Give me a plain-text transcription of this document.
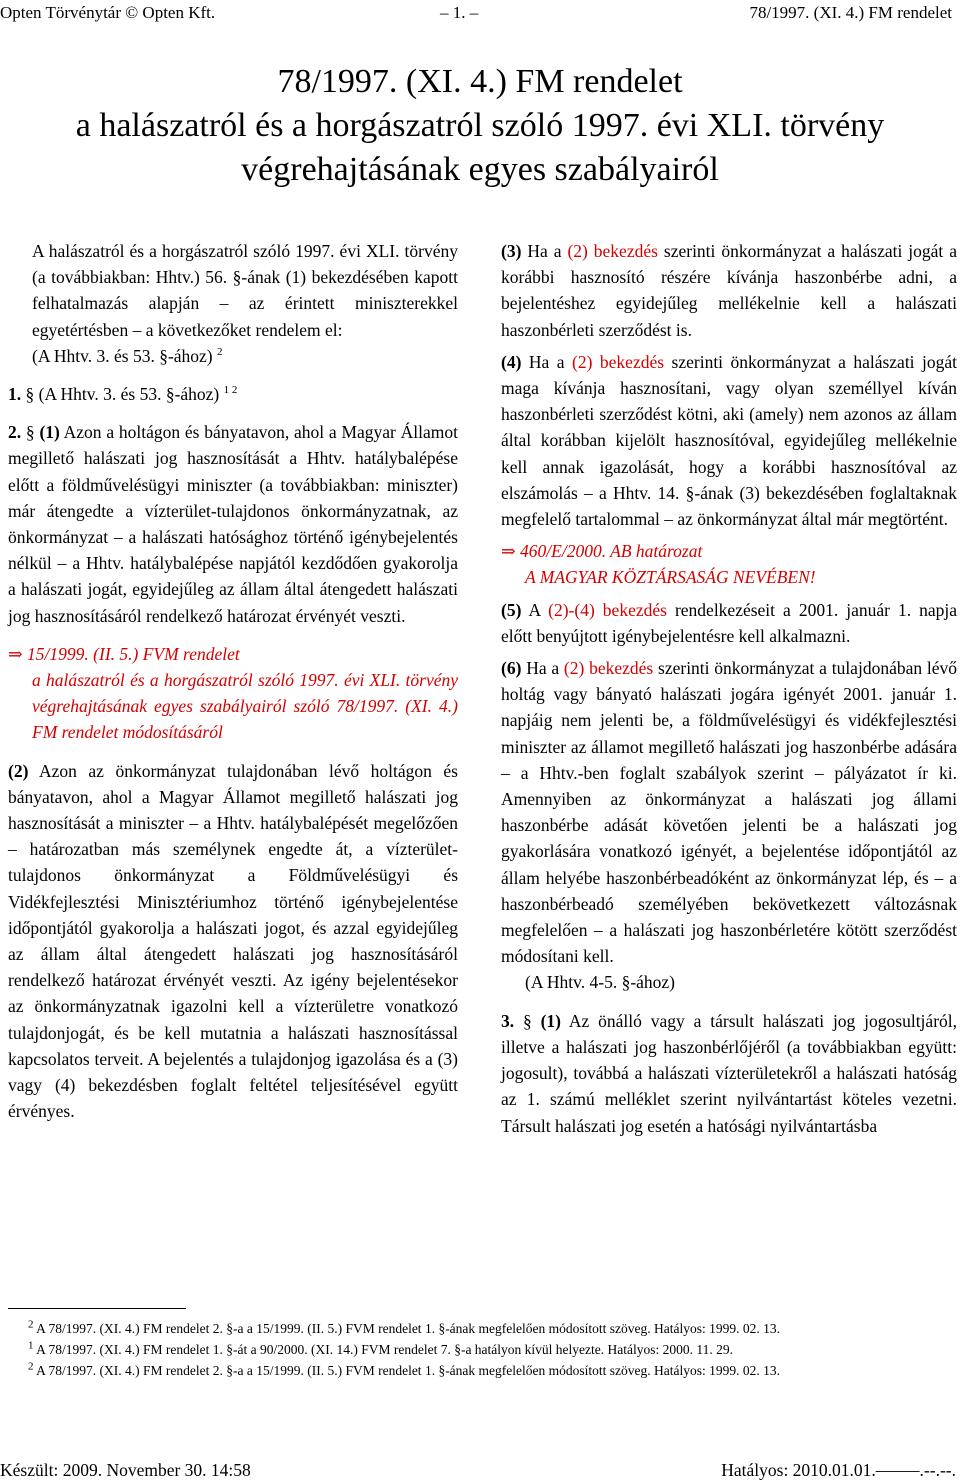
Opten Törvénytár © Opten Kft.	– 1. –	78/1997. (XI. 4.) FM rendelet
78/1997. (XI. 4.) FM rendelet
a halászatról és a horgászatról szóló 1997. évi XLI. törvény
végrehajtásának egyes szabályairól

A halászatról és a horgászatról szóló 1997. évi XLI. törvény (a továbbiakban: Hhtv.) 56. §-ának (1) bekezdésében kapott felhatalmazás alapján – az érintett miniszterekkel egyetértésben – a következőket rendelem el:

(A Hhtv. 3. és 53. §-ához) $^2$

1. § (A Hhtv. 3. és 53. §-ához) $^{1 2}$

2. § (1) Azon a holtágon és bányatavon, ahol a Magyar Államot megillető halászati jog hasznosítását a Hhtv. hatálybalépése előtt a földművelésügyi miniszter (a továbbiakban: miniszter) már átengedte a vízterület-tulajdonos önkormányzatnak, az önkormányzat – a halászati hatósághoz történő igénybejelentés nélkül – a Hhtv. hatálybalépése napjától kezdődően gyakorolja a halászati jogát, egyidejűleg az állam által átengedett halászati jog hasznosításáról rendelkező határozat érvényét veszti.

⇒ 15/1999. (II. 5.) FVM rendelet

a halászatról és a horgászatról szóló 1997. évi XLI. törvény végrehajtásának egyes szabályairól szóló 78/1997. (XI. 4.) FM rendelet módosításáról

(2) Azon az önkormányzat tulajdonában lévő holtágon és bányatavon, ahol a Magyar Államot megillető halászati jog hasznosítását a miniszter – a Hhtv. hatálybalépését megelőzően – határozatban más személynek engedte át, a vízterület-tulajdonos önkormányzat a Földművelésügyi és Vidékfejlesztési Minisztériumhoz történő igénybejelentése időpontjától gyakorolja a halászati jogot, és azzal egyidejűleg az állam által átengedett halászati jog hasznosításáról rendelkező határozat érvényét veszti. Az igény bejelentésekor az önkormányzatnak igazolni kell a vízterületre vonatkozó tulajdonjogát, és be kell mutatnia a halászati hasznosítással kapcsolatos terveit. A bejelentés a tulajdonjog igazolása és a (3) vagy (4) bekezdésben foglalt feltétel teljesítésével együtt érvényes.

(3) Ha a (2) bekezdés szerinti önkormányzat a halászati jogát a korábbi hasznosító részére kívánja haszonbérbe adni, a bejelentéshez egyidejűleg mellékelnie kell a halászati haszonbérleti szerződést is.

(4) Ha a (2) bekezdés szerinti önkormányzat a halászati jogát maga kívánja hasznosítani, vagy olyan személlyel kíván haszonbérleti szerződést kötni, aki (amely) nem azonos az állam által korábban kijelölt hasznosítóval, egyidejűleg mellékelnie kell annak igazolását, hogy a korábbi hasznosítóval az elszámolás – a Hhtv. 14. §-ának (3) bekezdésében foglaltaknak megfelelő tartalommal – az önkormányzat által már megtörtént.

⇒ 460/E/2000. AB határozat

A MAGYAR KÖZTÁRSASÁG NEVÉBEN!

(5) A (2)-(4) bekezdés rendelkezéseit a 2001. január 1. napja előtt benyújtott igénybejelentésre kell alkalmazni.

(6) Ha a (2) bekezdés szerinti önkormányzat a tulajdonában lévő holtág vagy bányató halászati jogára igényét 2001. január 1. napjáig nem jelenti be, a földművelésügyi és vidékfejlesztési miniszter az államot megillető halászati jog haszonbérbe adására – a Hhtv.-ben foglalt szabályok szerint – pályázatot ír ki. Amennyiben az önkormányzat a halászati jog állami haszonbérbe adását követően jelenti be a halászati jog gyakorlására vonatkozó igényét, a bejelentése időpontjától az állam helyébe haszonbérbeadóként az önkormányzat lép, és – a haszonbérbeadó személyében bekövetkezett változásnak megfelelően – a halászati jog haszonbérletére kötött szerződést módosítani kell.

(A Hhtv. 4-5. §-ához)

3. § (1) Az önálló vagy a társult halászati jog jogosultjáról, illetve a halászati jog haszonbérlőjéről (a továbbiakban együtt: jogosult), továbbá a halászati vízterületekről a halászati hatóság az 1. számú melléklet szerint nyilvántartást köteles vezetni. Társult halászati jog esetén a hatósági nyilvántartásba

$^2$ A 78/1997. (XI. 4.) FM rendelet 2. §-a a 15/1999. (II. 5.) FVM rendelet 1. §-ának megfelelően módosított szöveg. Hatályos: 1999. 02. 13.

$^1$ A 78/1997. (XI. 4.) FM rendelet 1. §-át a 90/2000. (XI. 14.) FVM rendelet 7. §-a hatályon kívül helyezte. Hatályos: 2000. 11. 29.

$^2$ A 78/1997. (XI. 4.) FM rendelet 2. §-a a 15/1999. (II. 5.) FVM rendelet 1. §-ának megfelelően módosított szöveg. Hatályos: 1999. 02. 13.

Készült: 2009. November 30. 14:58	Hatályos: 2010.01.01.–––––.--.--.
